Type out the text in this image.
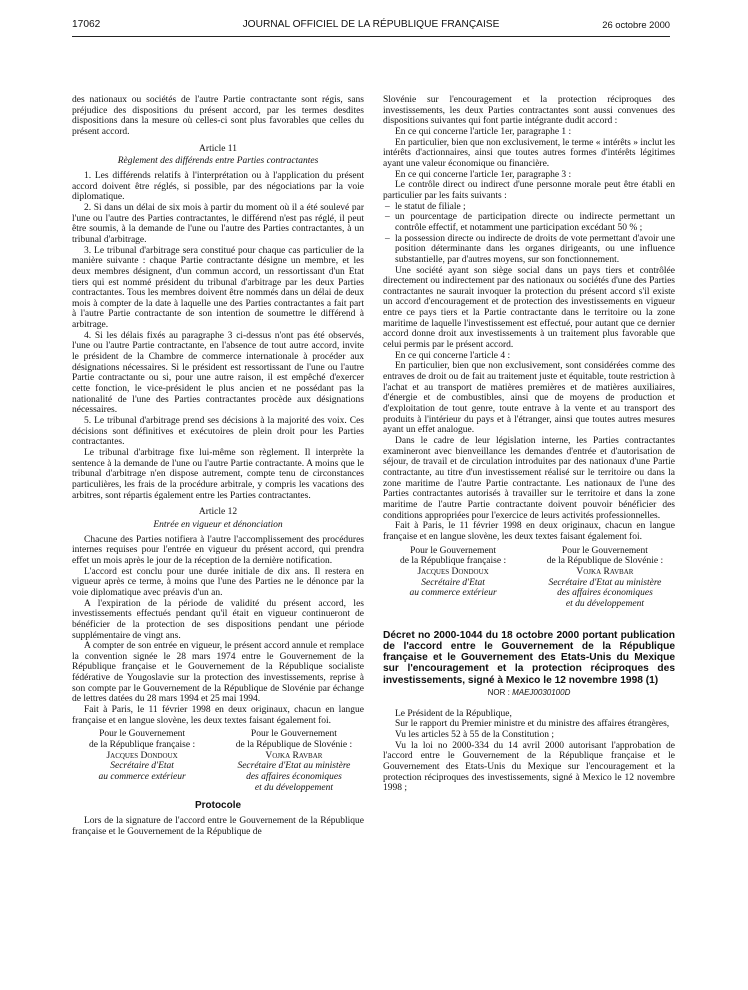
17062	JOURNAL OFFICIEL DE LA RÉPUBLIQUE FRANÇAISE	26 octobre 2000

des nationaux ou sociétés de l'autre Partie contractante sont régis, sans préjudice des dispositions du présent accord, par les termes desdites dispositions dans la mesure où celles-ci sont plus favorables que celles du présent accord.

Article 11
Règlement des différends entre Parties contractantes

1. Les différends relatifs à l'interprétation ou à l'application du présent accord doivent être réglés, si possible, par des négociations par la voie diplomatique.

2. Si dans un délai de six mois à partir du moment où il a été soulevé par l'une ou l'autre des Parties contractantes, le différend n'est pas réglé, il peut être soumis, à la demande de l'une ou l'autre des Parties contractantes, à un tribunal d'arbitrage.

3. Le tribunal d'arbitrage sera constitué pour chaque cas particulier de la manière suivante : chaque Partie contractante désigne un membre, et les deux membres désignent, d'un commun accord, un ressortissant d'un Etat tiers qui est nommé président du tribunal d'arbitrage par les deux Parties contractantes. Tous les membres doivent être nommés dans un délai de deux mois à compter de la date à laquelle une des Parties contractantes a fait part à l'autre Partie contractante de son intention de soumettre le différend à arbitrage.

4. Si les délais fixés au paragraphe 3 ci-dessus n'ont pas été observés, l'une ou l'autre Partie contractante, en l'absence de tout autre accord, invite le président de la Chambre de commerce internationale à procéder aux désignations nécessaires. Si le président est ressortissant de l'une ou l'autre Partie contractante ou si, pour une autre raison, il est empêché d'exercer cette fonction, le vice-président le plus ancien et ne possédant pas la nationalité de l'une des Parties contractantes procède aux désignations nécessaires.

5. Le tribunal d'arbitrage prend ses décisions à la majorité des voix. Ces décisions sont définitives et exécutoires de plein droit pour les Parties contractantes.

Le tribunal d'arbitrage fixe lui-même son règlement. Il interprète la sentence à la demande de l'une ou l'autre Partie contractante. A moins que le tribunal d'arbitrage n'en dispose autrement, compte tenu de circonstances particulières, les frais de la procédure arbitrale, y compris les vacations des arbitres, sont répartis également entre les Parties contractantes.

Article 12
Entrée en vigueur et dénonciation

Chacune des Parties notifiera à l'autre l'accomplissement des procédures internes requises pour l'entrée en vigueur du présent accord, qui prendra effet un mois après le jour de la réception de la dernière notification.

L'accord est conclu pour une durée initiale de dix ans. Il restera en vigueur après ce terme, à moins que l'une des Parties ne le dénonce par la voie diplomatique avec préavis d'un an.

A l'expiration de la période de validité du présent accord, les investissements effectués pendant qu'il était en vigueur continueront de bénéficier de la protection de ses dispositions pendant une période supplémentaire de vingt ans.

A compter de son entrée en vigueur, le présent accord annule et remplace la convention signée le 28 mars 1974 entre le Gouvernement de la République française et le Gouvernement de la République socialiste fédérative de Yougoslavie sur la protection des investissements, reprise à son compte par le Gouvernement de la République de Slovénie par échange de lettres datées du 28 mars 1994 et 25 mai 1994.

Fait à Paris, le 11 février 1998 en deux originaux, chacun en langue française et en langue slovène, les deux textes faisant également foi.

Pour le Gouvernement
de la République française :
Jacques Dondoux
Secrétaire d'Etat
au commerce extérieur
Pour le Gouvernement
de la République de Slovénie :
Vojka Ravbar
Secrétaire d'Etat au ministère
des affaires économiques
et du développement
Protocole

Lors de la signature de l'accord entre le Gouvernement de la République française et le Gouvernement de la République de

Slovénie sur l'encouragement et la protection réciproques des investissements, les deux Parties contractantes sont aussi convenues des dispositions suivantes qui font partie intégrante dudit accord :

En ce qui concerne l'article 1er, paragraphe 1 :

En particulier, bien que non exclusivement, le terme « intérêts » inclut les intérêts d'actionnaires, ainsi que toutes autres formes d'intérêts légitimes ayant une valeur économique ou financière.

En ce qui concerne l'article 1er, paragraphe 3 :

Le contrôle direct ou indirect d'une personne morale peut être établi en particulier par les faits suivants :

– le statut de filiale ;
– un pourcentage de participation directe ou indirecte permettant un contrôle effectif, et notamment une participation excédant 50 % ;
– la possession directe ou indirecte de droits de vote permettant d'avoir une position déterminante dans les organes dirigeants, ou une influence substantielle, par d'autres moyens, sur son fonctionnement.

Une société ayant son siège social dans un pays tiers et contrôlée directement ou indirectement par des nationaux ou sociétés d'une des Parties contractantes ne saurait invoquer la protection du présent accord s'il existe un accord d'encouragement et de protection des investissements en vigueur entre ce pays tiers et la Partie contractante dans le territoire ou la zone maritime de laquelle l'investissement est effectué, pour autant que ce dernier accord donne droit aux investissements à un traitement plus favorable que celui permis par le présent accord.

En ce qui concerne l'article 4 :

En particulier, bien que non exclusivement, sont considérées comme des entraves de droit ou de fait au traitement juste et équitable, toute restriction à l'achat et au transport de matières premières et de matières auxiliaires, d'énergie et de combustibles, ainsi que de moyens de production et d'exploitation de tout genre, toute entrave à la vente et au transport des produits à l'intérieur du pays et à l'étranger, ainsi que toutes autres mesures ayant un effet analogue.

Dans le cadre de leur législation interne, les Parties contractantes examineront avec bienveillance les demandes d'entrée et d'autorisation de séjour, de travail et de circulation introduites par des nationaux d'une Partie contractante, au titre d'un investissement réalisé sur le territoire ou dans la zone maritime de l'autre Partie contractante. Les nationaux de l'une des Parties contractantes autorisés à travailler sur le territoire et dans la zone maritime de l'autre Partie contractante doivent pouvoir bénéficier des conditions appropriées pour l'exercice de leurs activités professionnelles.

Fait à Paris, le 11 février 1998 en deux originaux, chacun en langue française et en langue slovène, les deux textes faisant également foi.

Pour le Gouvernement
de la République française :
Jacques Dondoux
Secrétaire d'Etat
au commerce extérieur
Pour le Gouvernement
de la République de Slovénie :
Vojka Ravbar
Secrétaire d'Etat au ministère
des affaires économiques
et du développement
Décret no 2000-1044 du 18 octobre 2000 portant publication de l'accord entre le Gouvernement de la République française et le Gouvernement des Etats-Unis du Mexique sur l'encouragement et la protection réciproques des investissements, signé à Mexico le 12 novembre 1998 (1)
NOR : MAEJ0030100D

Le Président de la République,

Sur le rapport du Premier ministre et du ministre des affaires étrangères,

Vu les articles 52 à 55 de la Constitution ;

Vu la loi no 2000-334 du 14 avril 2000 autorisant l'approbation de l'accord entre le Gouvernement de la République française et le Gouvernement des Etats-Unis du Mexique sur l'encouragement et la protection réciproques des investissements, signé à Mexico le 12 novembre 1998 ;
